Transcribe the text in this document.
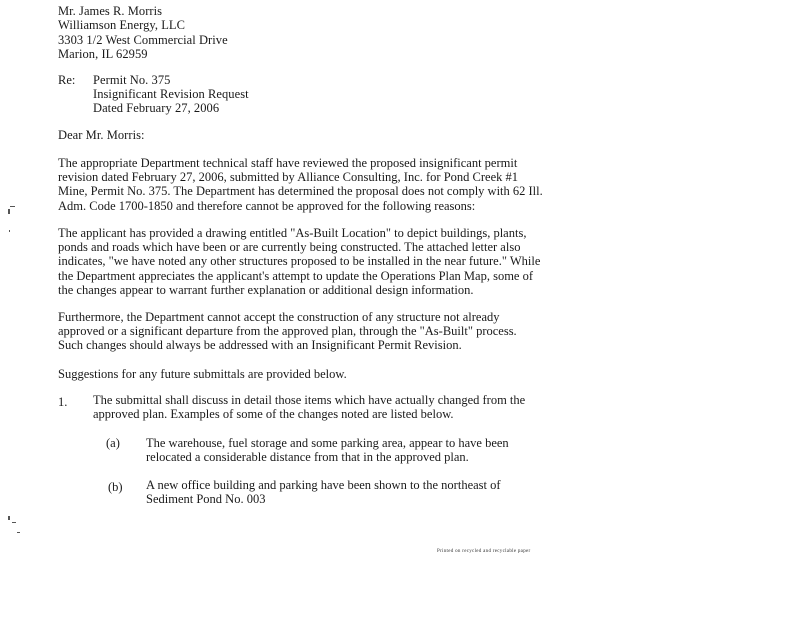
Mr. James R. Morris
Williamson Energy, LLC
3303 1/2 West Commercial Drive
Marion, IL 62959
Re: Permit No. 375
Insignificant Revision Request
Dated February 27, 2006
Dear Mr. Morris:
The appropriate Department technical staff have reviewed the proposed insignificant permit
revision dated February 27, 2006, submitted by Alliance Consulting, Inc. for Pond Creek #1
Mine, Permit No. 375. The Department has determined the proposal does not comply with 62 Ill.
Adm. Code 1700-1850 and therefore cannot be approved for the following reasons:
The applicant has provided a drawing entitled "As-Built Location" to depict buildings, plants,
ponds and roads which have been or are currently being constructed. The attached letter also
indicates, "we have noted any other structures proposed to be installed in the near future." While
the Department appreciates the applicant's attempt to update the Operations Plan Map, some of
the changes appear to warrant further explanation or additional design information.
Furthermore, the Department cannot accept the construction of any structure not already
approved or a significant departure from the approved plan, through the "As-Built" process.
Such changes should always be addressed with an Insignificant Permit Revision.
Suggestions for any future submittals are provided below.
1. The submittal shall discuss in detail those items which have actually changed from the
approved plan. Examples of some of the changes noted are listed below.
(a) The warehouse, fuel storage and some parking area, appear to have been
relocated a considerable distance from that in the approved plan.
(b) A new office building and parking have been shown to the northeast of
Sediment Pond No. 003
Printed on recycled and recyclable paper
